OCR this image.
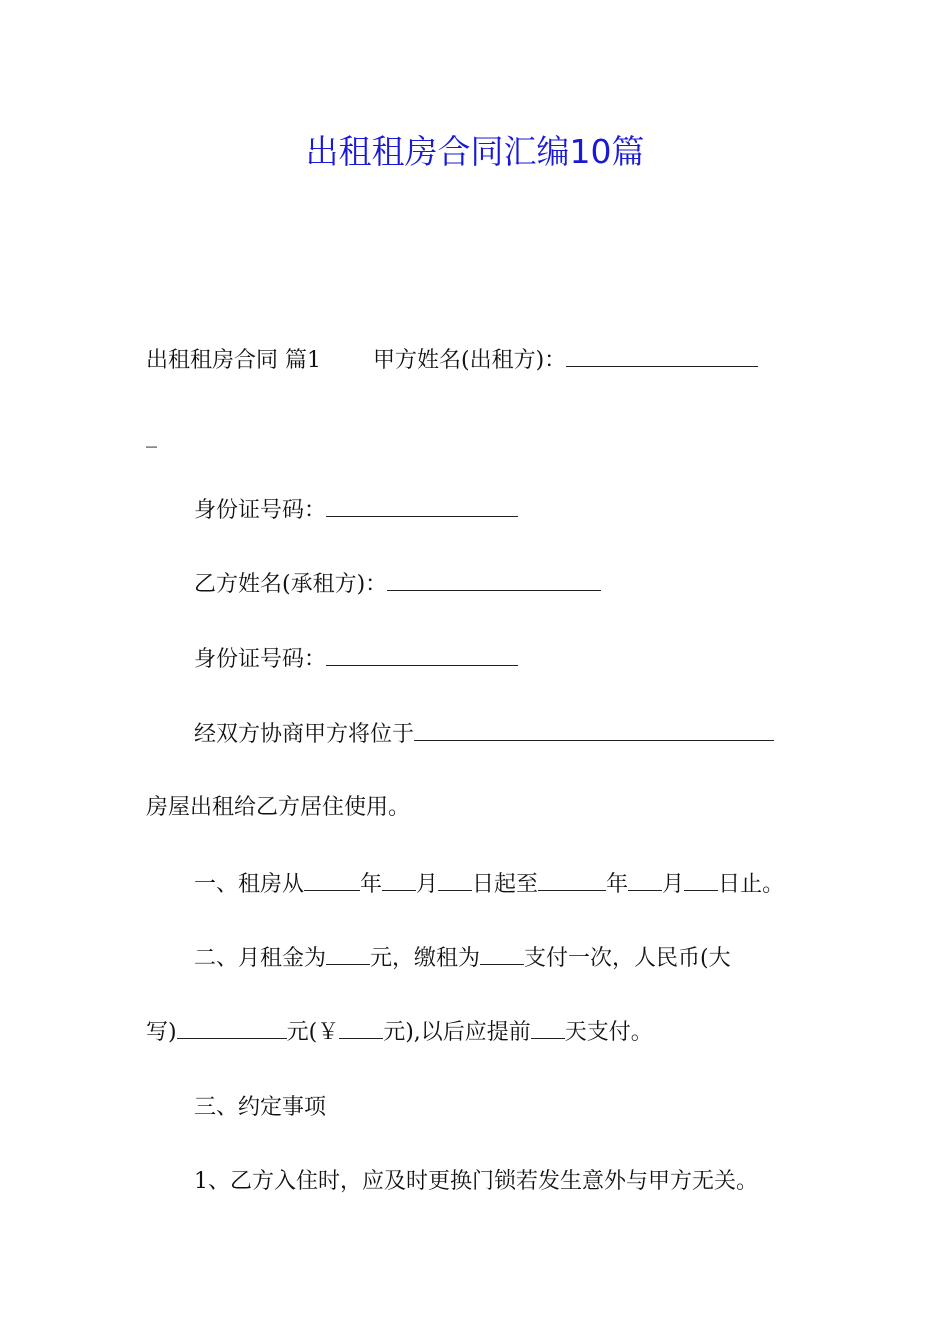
出租租房合同汇编10篇
出租租房合同 篇1 甲方姓名(出租方)：
_
身份证号码：
乙方姓名(承租方)：
身份证号码：
经双方协商甲方将位于
房屋出租给乙方居住使用。
一、租房从	年 月 日起至	年 月 日止。
二、月租金为 元，缴租为 支付一次，人民币(大
写)	元(￥ 元),以后应提前 天支付。
三、约定事项
1、乙方入住时，应及时更换门锁若发生意外与甲方无关。
